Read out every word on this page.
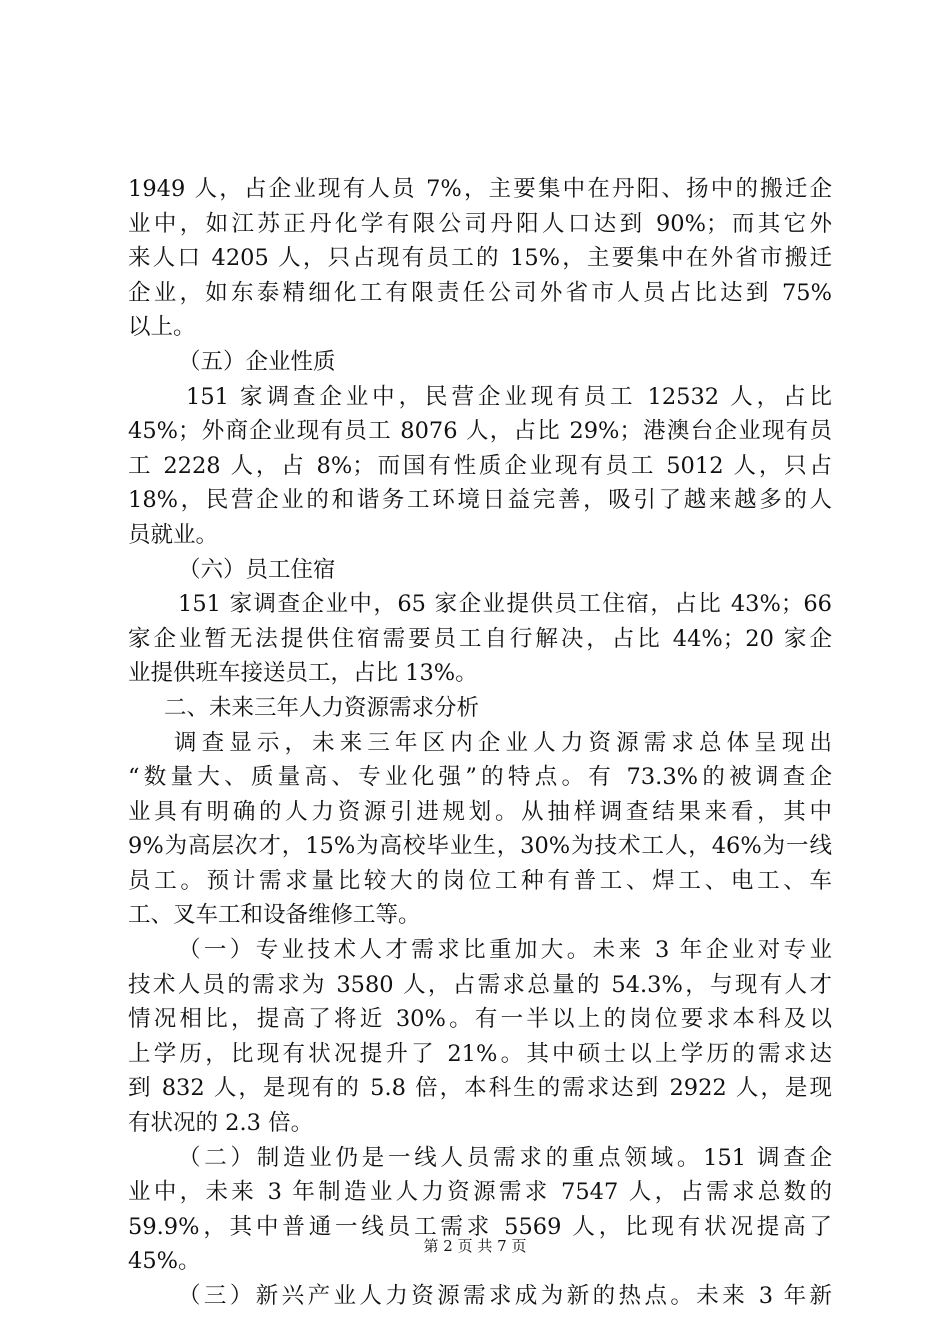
1949 人，占企业现有人员 7%，主要集中在丹阳、扬中的搬迁企
业中，如江苏正丹化学有限公司丹阳人口达到 90%；而其它外
来人口 4205 人，只占现有员工的 15%，主要集中在外省市搬迁
企业，如东泰精细化工有限责任公司外省市人员占比达到 75%
以上。
（五）企业性质
151 家调查企业中，民营企业现有员工 12532 人，占比
45%；外商企业现有员工 8076 人，占比 29%；港澳台企业现有员
工 2228 人，占 8%；而国有性质企业现有员工 5012 人，只占
18%，民营企业的和谐务工环境日益完善，吸引了越来越多的人
员就业。
（六）员工住宿
151 家调查企业中，65 家企业提供员工住宿，占比 43%；66
家企业暂无法提供住宿需要员工自行解决，占比 44%；20 家企
业提供班车接送员工，占比 13%。
二、未来三年人力资源需求分析
调查显示，未来三年区内企业人力资源需求总体呈现出
“数量大、质量高、专业化强”的特点。有 73.3%的被调查企
业具有明确的人力资源引进规划。从抽样调查结果来看，其中
9%为高层次才，15%为高校毕业生，30%为技术工人，46%为一线
员工。预计需求量比较大的岗位工种有普工、焊工、电工、车
工、叉车工和设备维修工等。
（一）专业技术人才需求比重加大。未来 3 年企业对专业
技术人员的需求为 3580 人，占需求总量的 54.3%，与现有人才
情况相比，提高了将近 30%。有一半以上的岗位要求本科及以
上学历，比现有状况提升了 21%。其中硕士以上学历的需求达
到 832 人，是现有的 5.8 倍，本科生的需求达到 2922 人，是现
有状况的 2.3 倍。
（二）制造业仍是一线人员需求的重点领域。151 调查企
业中，未来 3 年制造业人力资源需求 7547 人，占需求总数的
59.9%，其中普通一线员工需求 5569 人，比现有状况提高了
45%。
（三）新兴产业人力资源需求成为新的热点。未来 3 年新
第 2 页 共 7 页
